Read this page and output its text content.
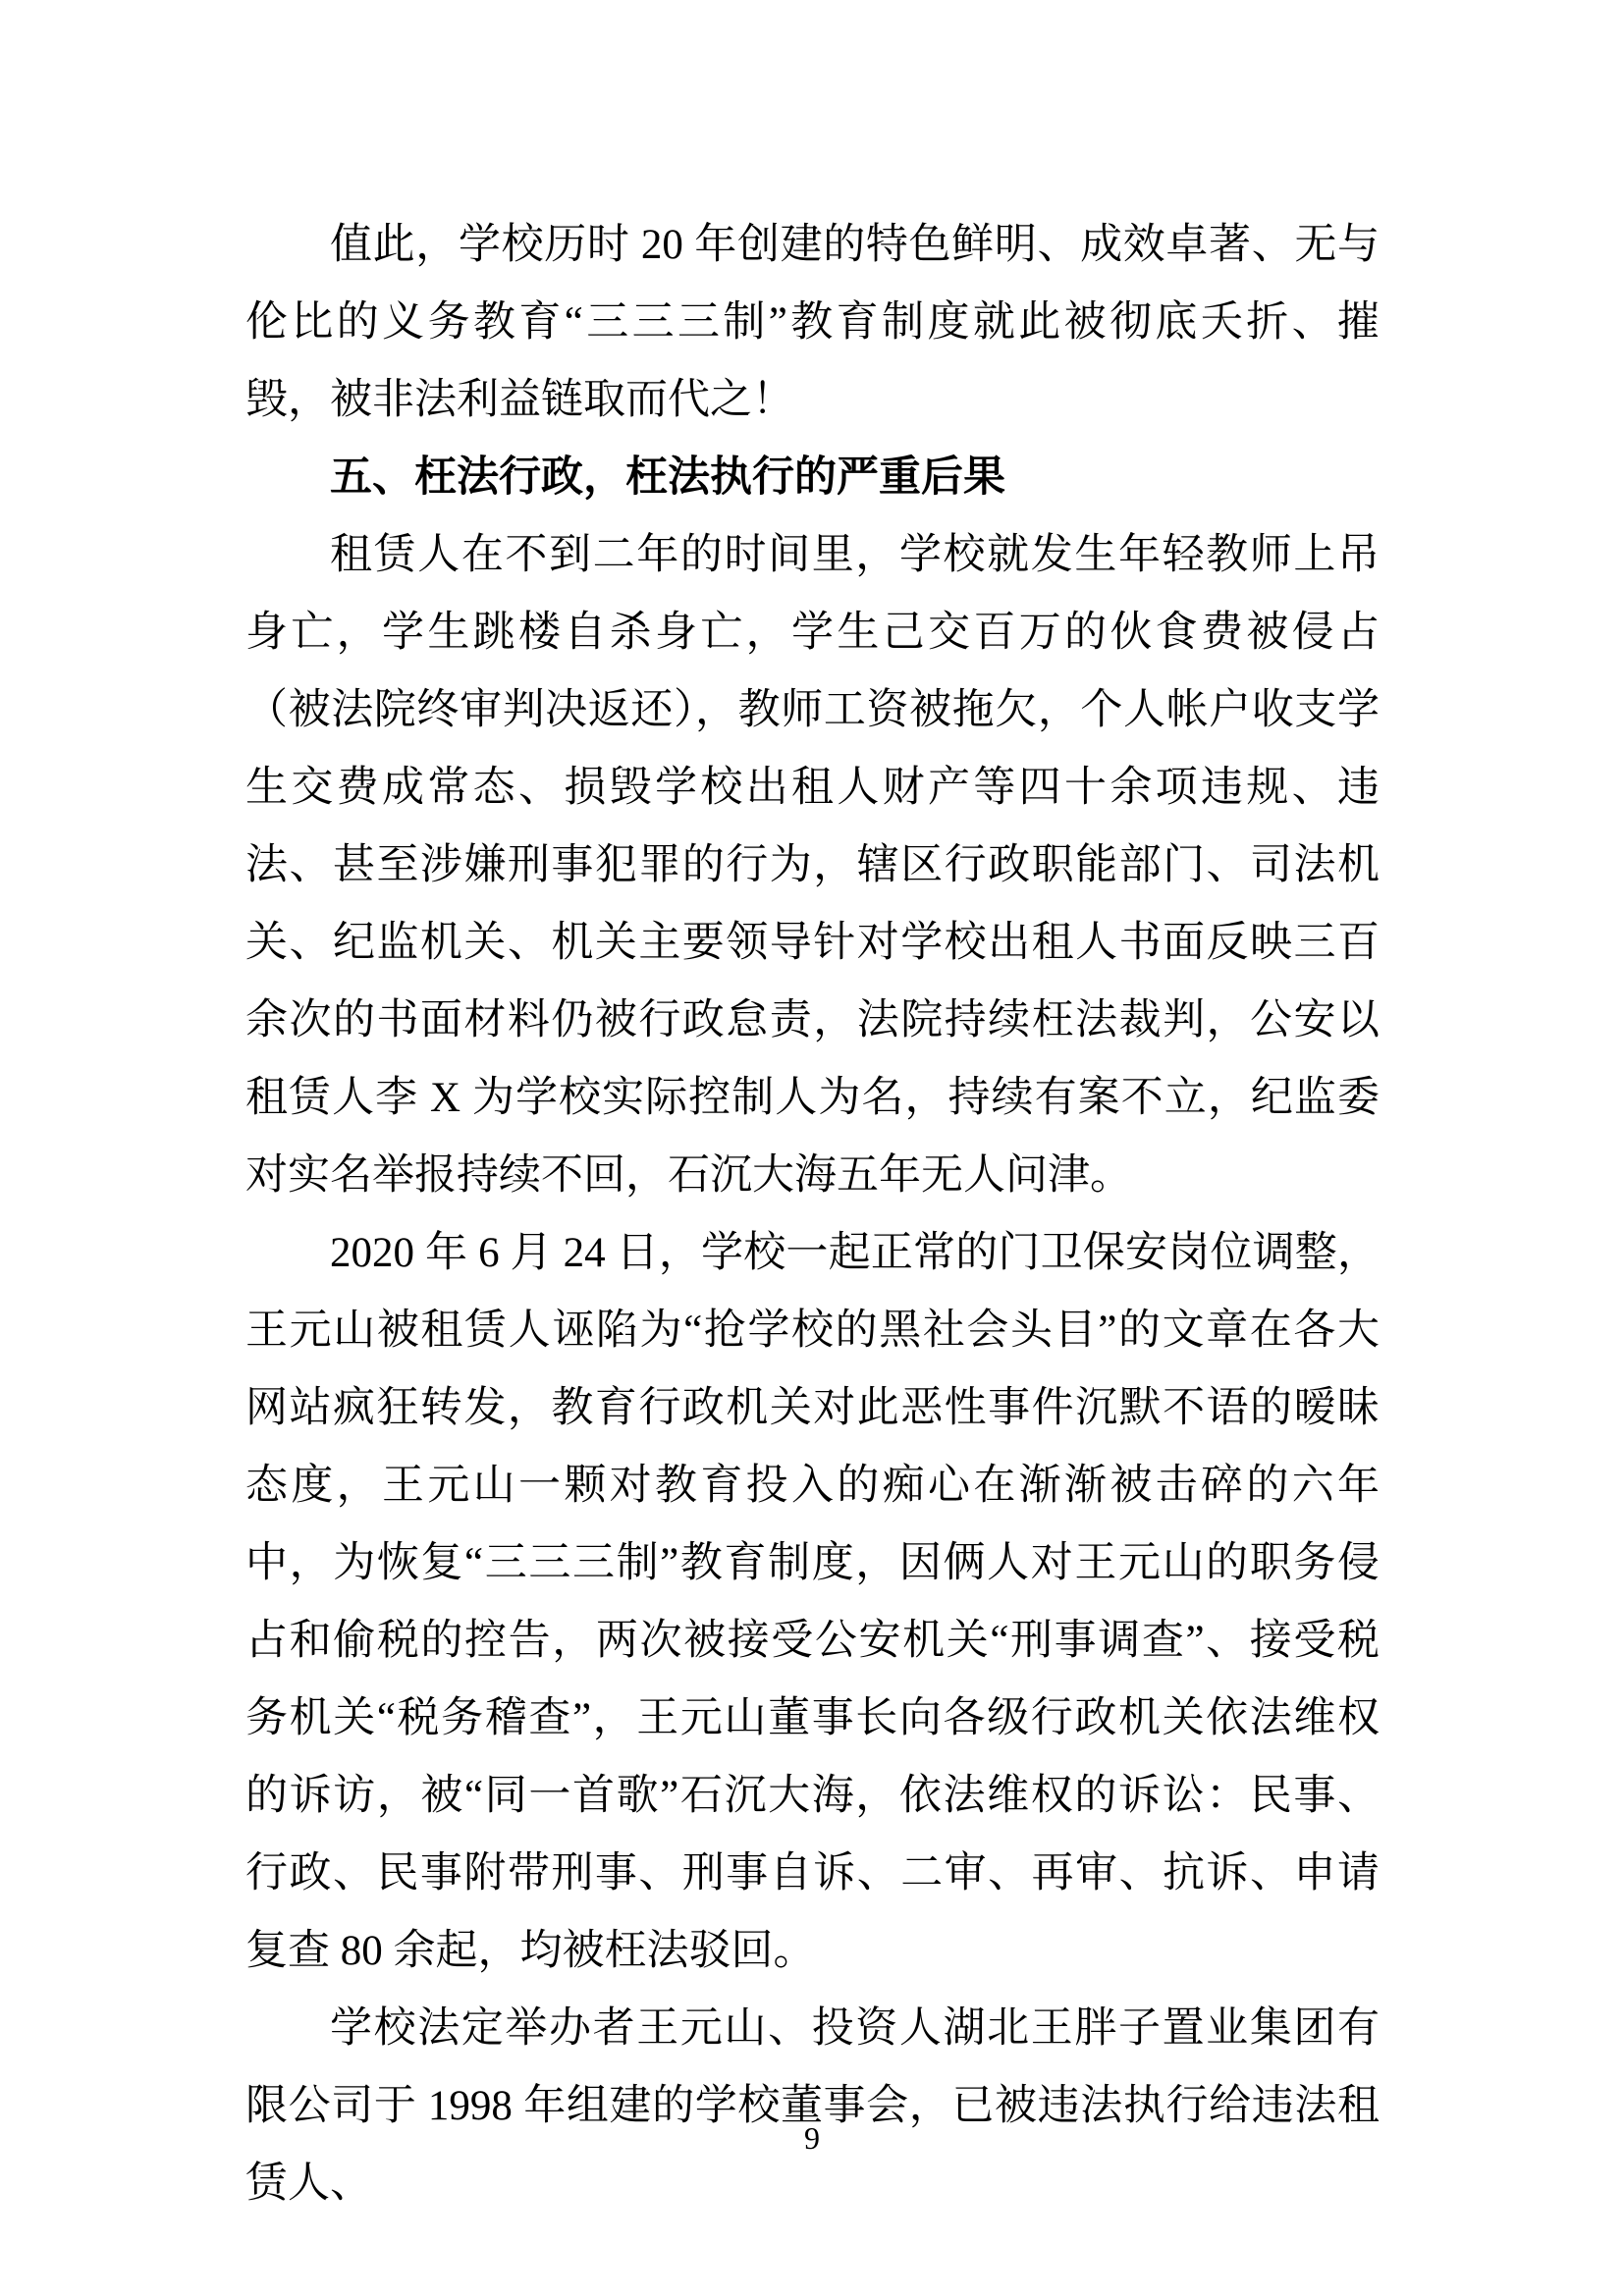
值此，学校历时 20 年创建的特色鲜明、成效卓著、无与伦比的义务教育“三三三制”教育制度就此被彻底夭折、摧毁，被非法利益链取而代之！

五、枉法行政，枉法执行的严重后果

租赁人在不到二年的时间里，学校就发生年轻教师上吊身亡，学生跳楼自杀身亡，学生己交百万的伙食费被侵占（被法院终审判决返还），教师工资被拖欠，个人帐户收支学生交费成常态、损毁学校出租人财产等四十余项违规、违法、甚至涉嫌刑事犯罪的行为，辖区行政职能部门、司法机关、纪监机关、机关主要领导针对学校出租人书面反映三百余次的书面材料仍被行政怠责，法院持续枉法裁判，公安以租赁人李 X 为学校实际控制人为名，持续有案不立，纪监委对实名举报持续不回，石沉大海五年无人问津。

2020 年 6 月 24 日，学校一起正常的门卫保安岗位调整，王元山被租赁人诬陷为“抢学校的黑社会头目”的文章在各大网站疯狂转发，教育行政机关对此恶性事件沉默不语的暧昧态度，王元山一颗对教育投入的痴心在渐渐被击碎的六年中，为恢复“三三三制”教育制度，因俩人对王元山的职务侵占和偷税的控告，两次被接受公安机关“刑事调查”、接受税务机关“税务稽查”，王元山董事长向各级行政机关依法维权的诉访，被“同一首歌”石沉大海，依法维权的诉讼：民事、行政、民事附带刑事、刑事自诉、二审、再审、抗诉、申请复查 80 余起，均被枉法驳回。

学校法定举办者王元山、投资人湖北王胖子置业集团有限公司于 1998 年组建的学校董事会，已被违法执行给违法租赁人、

9
